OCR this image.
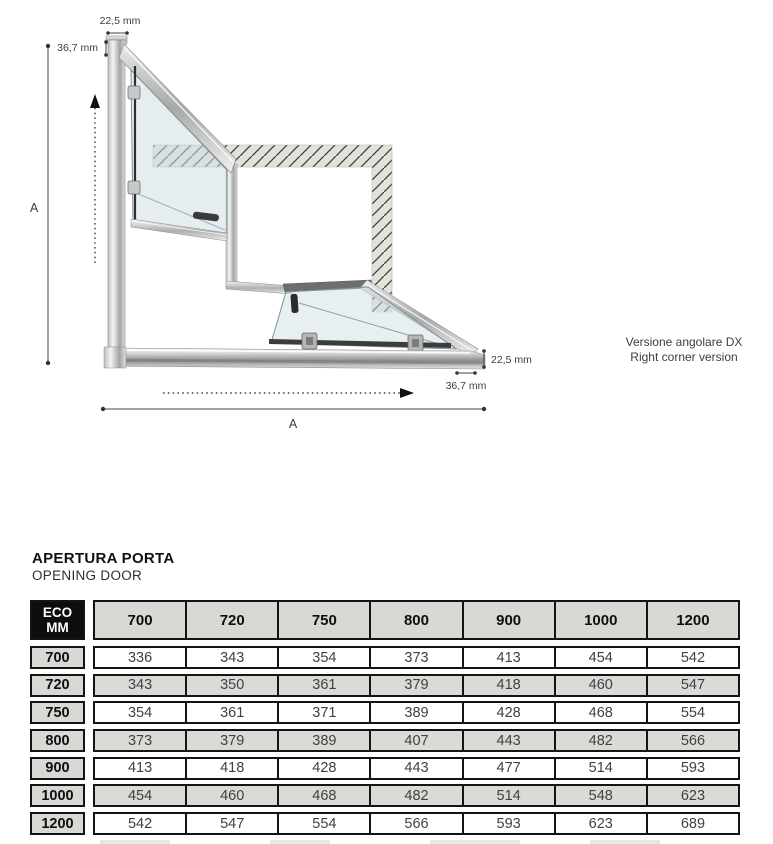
A
22,5 mm
36,7 mm
A
22,5 mm
36,7 mm
Versione angolare DX
Right corner version
APERTURA PORTA
OPENING DOOR
ECO
MM	700	720	750	800	900	1000	1200
700	336	343	354	373	413	454	542
720	343	350	361	379	418	460	547
750	354	361	371	389	428	468	554
800	373	379	389	407	443	482	566
900	413	418	428	443	477	514	593
1000	454	460	468	482	514	548	623
1200	542	547	554	566	593	623	689
